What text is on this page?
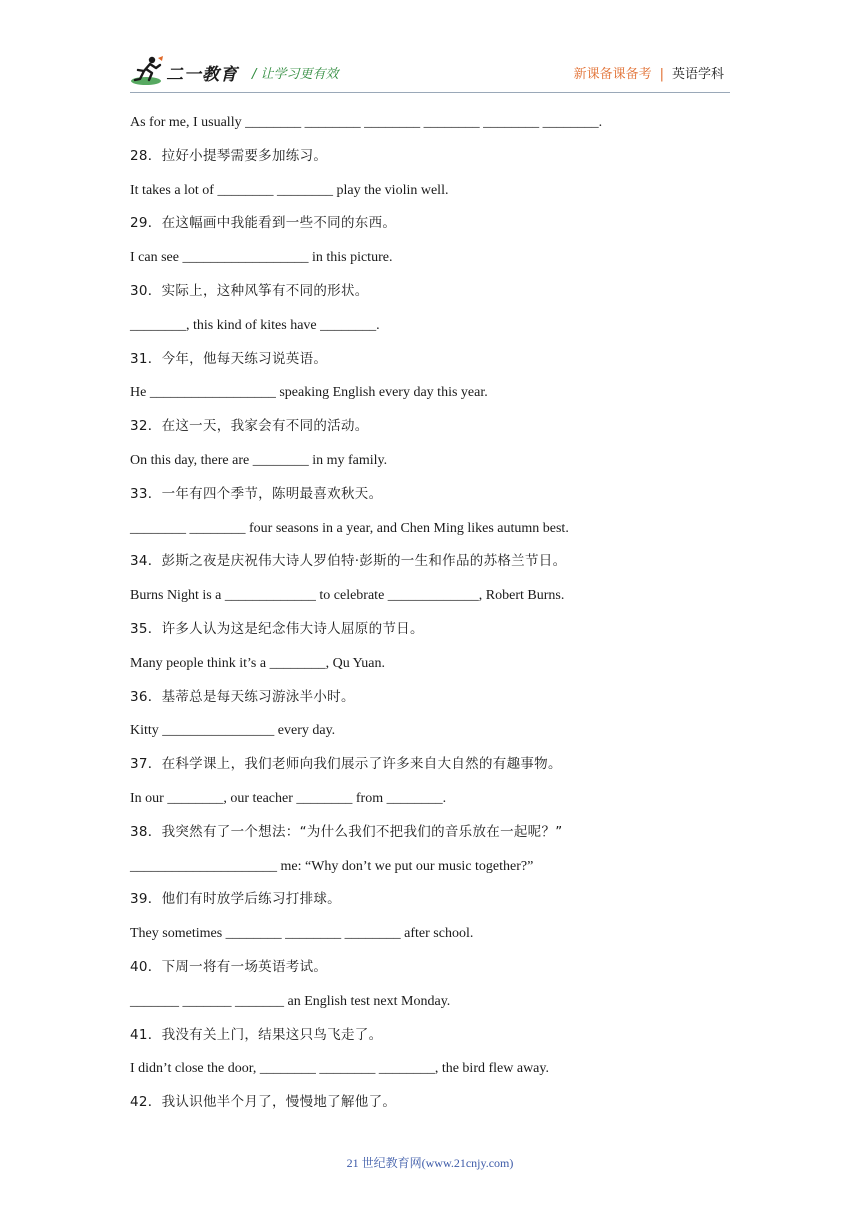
二一教育 / 让学习更有效	新课备课备考 | 英语学科
As for me, I usually ________ ________ ________ ________ ________ ________.
28．拉好小提琴需要多加练习。
It takes a lot of ________ ________ play the violin well.
29．在这幅画中我能看到一些不同的东西。
I can see __________________ in this picture.
30．实际上，这种风筝有不同的形状。
________, this kind of kites have ________.
31．今年，他每天练习说英语。
He __________________ speaking English every day this year.
32．在这一天，我家会有不同的活动。
On this day, there are ________ in my family.
33．一年有四个季节，陈明最喜欢秋天。
________ ________ four seasons in a year, and Chen Ming likes autumn best.
34．彭斯之夜是庆祝伟大诗人罗伯特·彭斯的一生和作品的苏格兰节日。
Burns Night is a _____________ to celebrate _____________, Robert Burns.
35．许多人认为这是纪念伟大诗人屈原的节日。
Many people think it’s a ________, Qu Yuan.
36．基蒂总是每天练习游泳半小时。
Kitty ________________ every day.
37．在科学课上，我们老师向我们展示了许多来自大自然的有趣事物。
In our ________, our teacher ________ from ________.
38．我突然有了一个想法：“为什么我们不把我们的音乐放在一起呢？”
_____________________ me: “Why don’t we put our music together?”
39．他们有时放学后练习打排球。
They sometimes ________ ________ ________ after school.
40．下周一将有一场英语考试。
_______ _______ _______ an English test next Monday.
41．我没有关上门，结果这只鸟飞走了。
I didn’t close the door, ________ ________ ________, the bird flew away.
42．我认识他半个月了，慢慢地了解他了。
21 世纪教育网(www.21cnjy.com)
